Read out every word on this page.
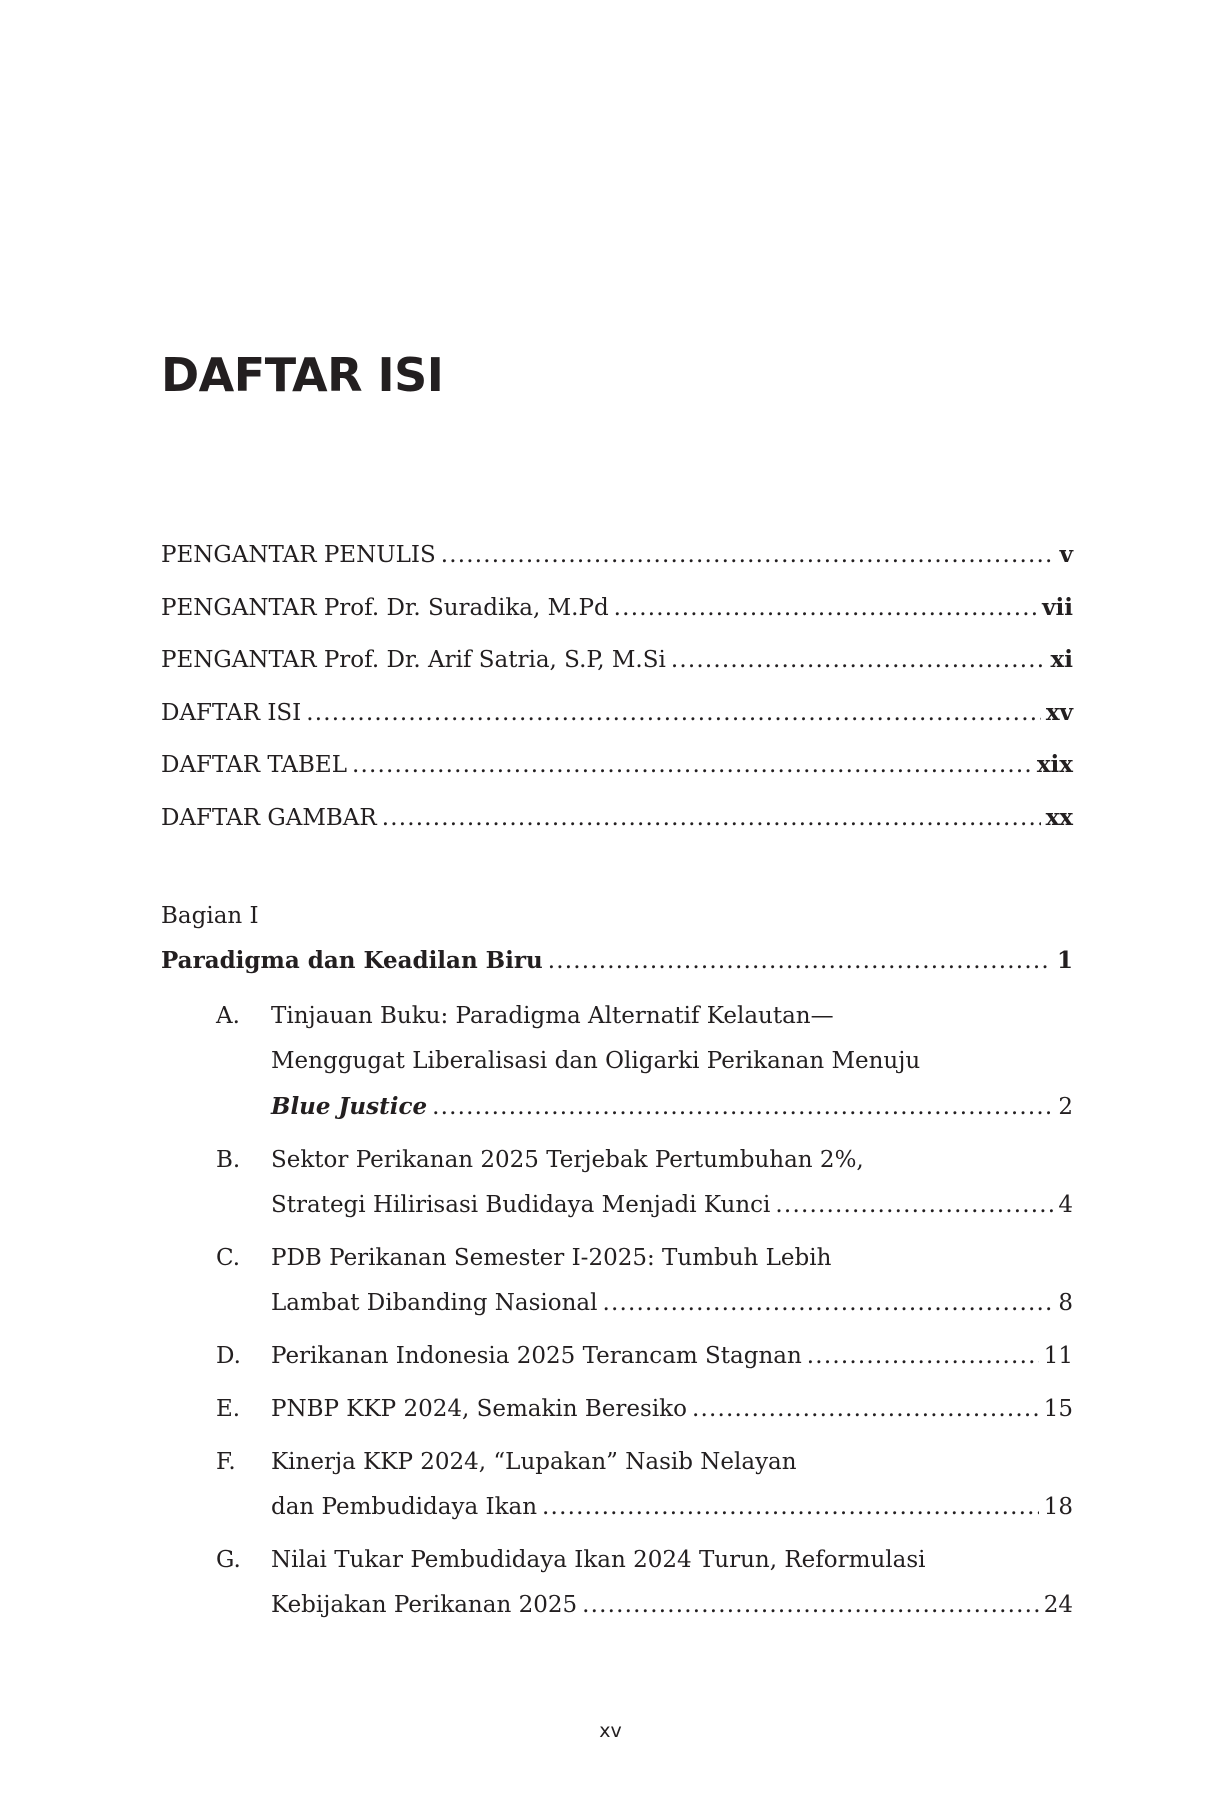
DAFTAR ISI
PENGANTAR PENULIS .....	v
PENGANTAR Prof. Dr. Suradika, M.Pd .....	vii
PENGANTAR Prof. Dr. Arif Satria, S.P, M.Si .....	xi
DAFTAR ISI .....	xv
DAFTAR TABEL .....	xix
DAFTAR GAMBAR .....	xx
Bagian I
Paradigma dan Keadilan Biru .....	1
A. Tinjauan Buku: Paradigma Alternatif Kelautan—
Menggugat Liberalisasi dan Oligarki Perikanan Menuju
Blue Justice .....	2
B. Sektor Perikanan 2025 Terjebak Pertumbuhan 2%,
Strategi Hilirisasi Budidaya Menjadi Kunci .....	4
C. PDB Perikanan Semester I-2025: Tumbuh Lebih
Lambat Dibanding Nasional .....	8
D. Perikanan Indonesia 2025 Terancam Stagnan .....	11
E. PNBP KKP 2024, Semakin Beresiko .....	15
F. Kinerja KKP 2024, “Lupakan” Nasib Nelayan
dan Pembudidaya Ikan .....	18
G. Nilai Tukar Pembudidaya Ikan 2024 Turun, Reformulasi
Kebijakan Perikanan 2025 .....	24
xv
